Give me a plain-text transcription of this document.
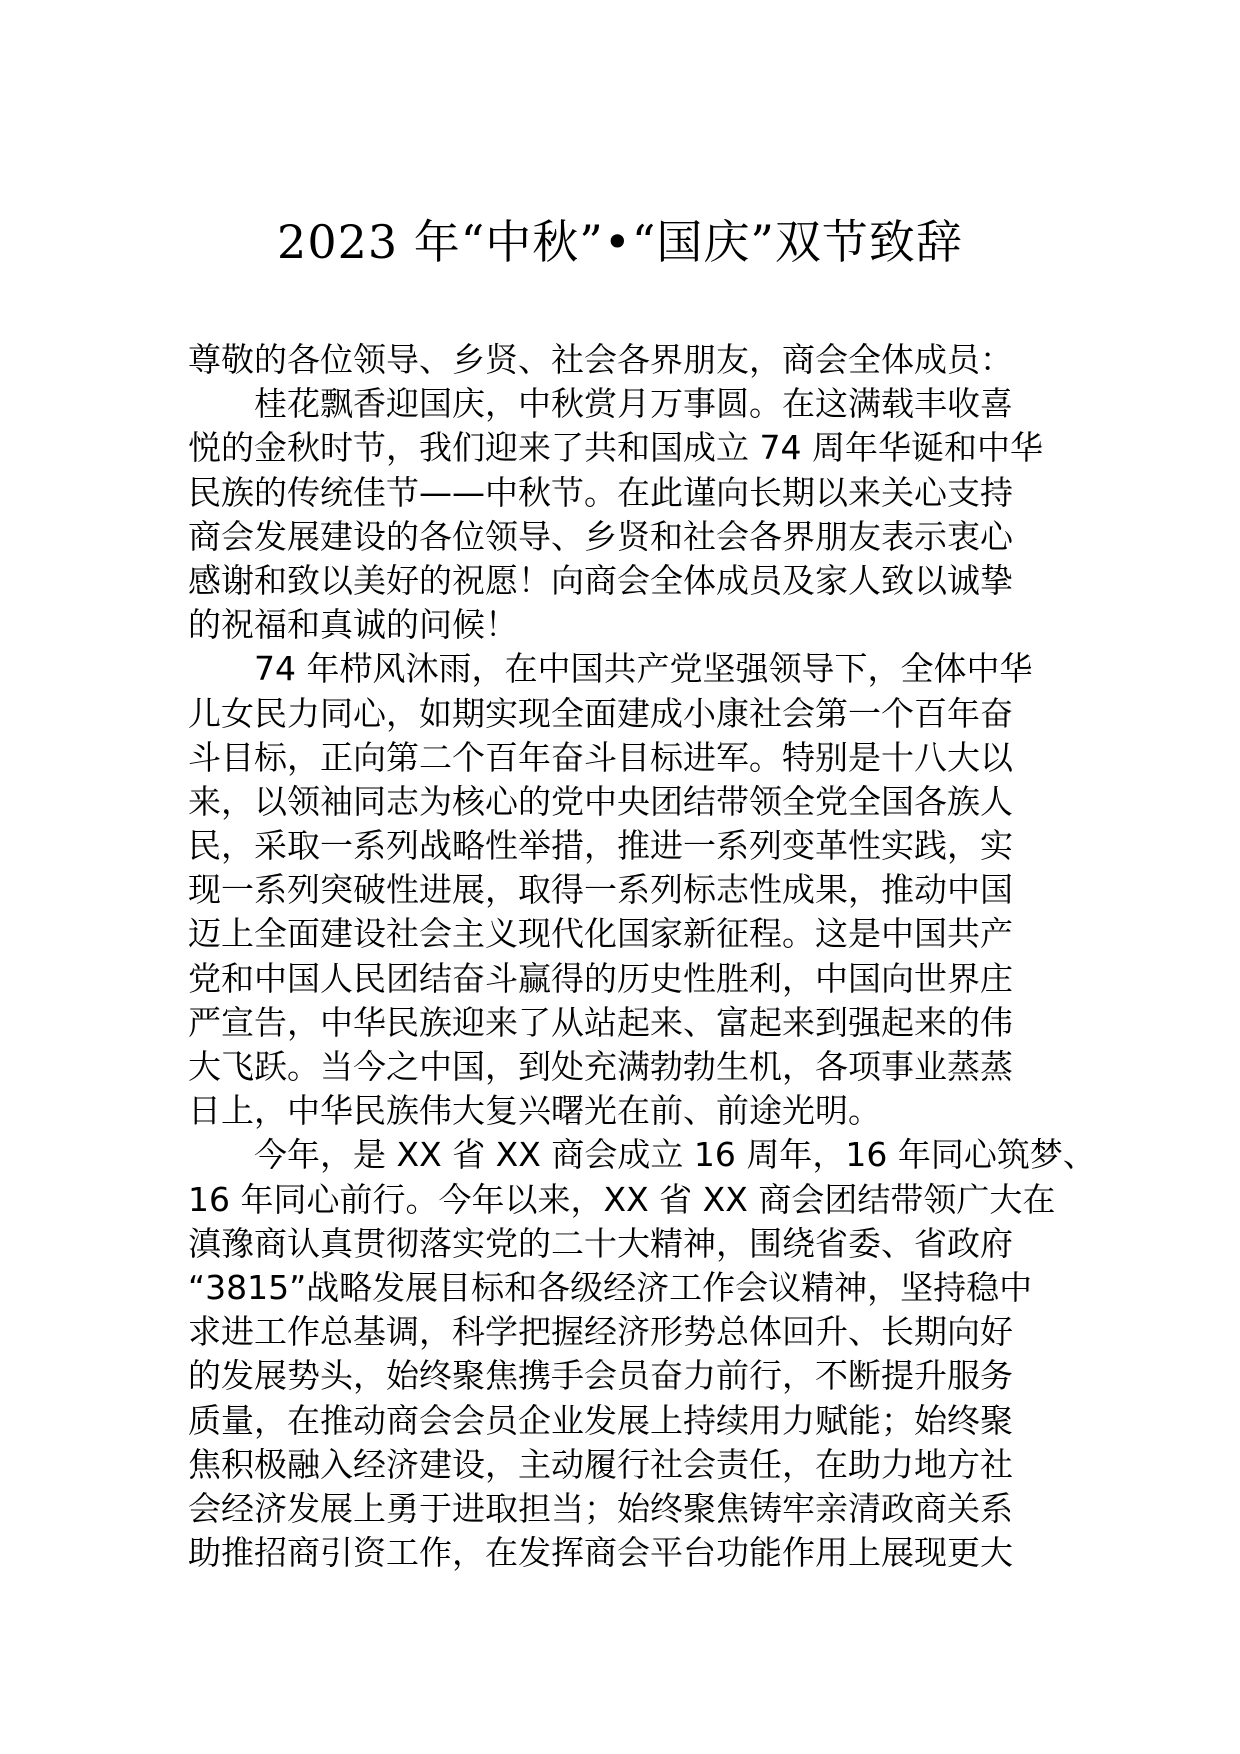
2023 年“中秋”•“国庆”双节致辞
尊敬的各位领导、乡贤、社会各界朋友，商会全体成员：
桂花飘香迎国庆，中秋赏月万事圆。在这满载丰收喜
悦的金秋时节，我们迎来了共和国成立 74 周年华诞和中华
民族的传统佳节——中秋节。在此谨向长期以来关心支持
商会发展建设的各位领导、乡贤和社会各界朋友表示衷心
感谢和致以美好的祝愿！向商会全体成员及家人致以诚挚
的祝福和真诚的问候！
74 年栉风沐雨，在中国共产党坚强领导下，全体中华
儿女民力同心，如期实现全面建成小康社会第一个百年奋
斗目标，正向第二个百年奋斗目标进军。特别是十八大以
来，以领袖同志为核心的党中央团结带领全党全国各族人
民，采取一系列战略性举措，推进一系列变革性实践，实
现一系列突破性进展，取得一系列标志性成果，推动中国
迈上全面建设社会主义现代化国家新征程。这是中国共产
党和中国人民团结奋斗赢得的历史性胜利，中国向世界庄
严宣告，中华民族迎来了从站起来、富起来到强起来的伟
大飞跃。当今之中国，到处充满勃勃生机，各项事业蒸蒸
日上，中华民族伟大复兴曙光在前、前途光明。
今年，是 XX 省 XX 商会成立 16 周年，16 年同心筑梦、
16 年同心前行。今年以来，XX 省 XX 商会团结带领广大在
滇豫商认真贯彻落实党的二十大精神，围绕省委、省政府
“3815”战略发展目标和各级经济工作会议精神，坚持稳中
求进工作总基调，科学把握经济形势总体回升、长期向好
的发展势头，始终聚焦携手会员奋力前行，不断提升服务
质量，在推动商会会员企业发展上持续用力赋能；始终聚
焦积极融入经济建设，主动履行社会责任，在助力地方社
会经济发展上勇于进取担当；始终聚焦铸牢亲清政商关系
助推招商引资工作，在发挥商会平台功能作用上展现更大
